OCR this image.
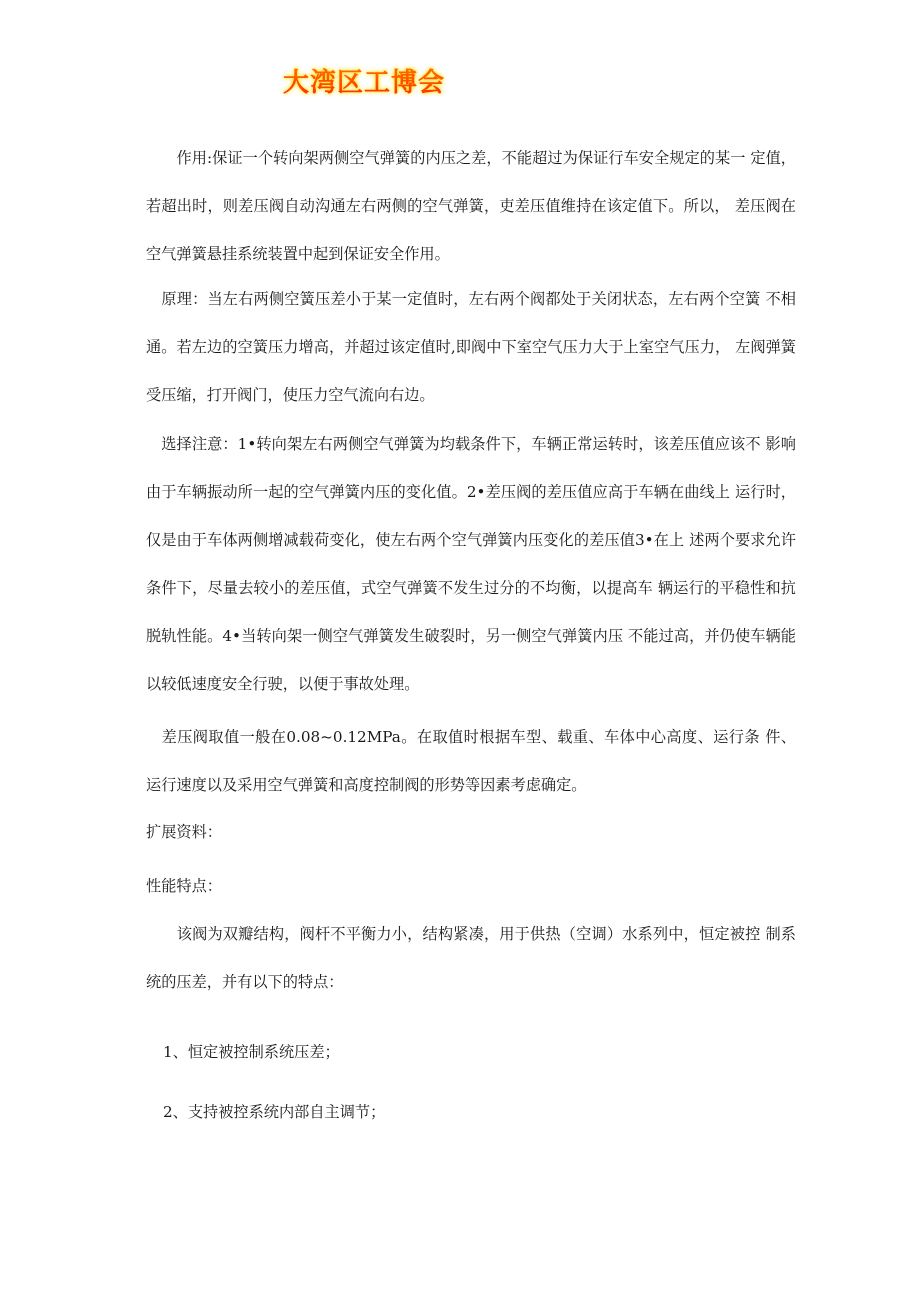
大湾区工博会

　　作用:保证一个转向架两侧空气弹簧的内压之差，不能超过为保证行车安全规定的某一 定值，若超出时，则差压阀自动沟通左右两侧的空气弹簧，吏差压值维持在该定值下。所以， 差压阀在空气弹簧悬挂系统装置中起到保证安全作用。

　原理：当左右两侧空簧压差小于某一定值时，左右两个阀都处于关闭状态，左右两个空簧 不相通。若左边的空簧压力增高，并超过该定值时,即阀中下室空气压力大于上室空气压力， 左阀弹簧受压缩，打开阀门，使压力空气流向右边。

　选择注意：1•转向架左右两侧空气弹簧为均载条件下，车辆正常运转时，该差压值应该不 影响由于车辆振动所一起的空气弹簧内压的变化值。2•差压阀的差压值应高于车辆在曲线上 运行时，仅是由于车体两侧增减载荷变化，使左右两个空气弹簧内压变化的差压值3•在上 述两个要求允许条件下，尽量去较小的差压值，式空气弹簧不发生过分的不均衡，以提高车 辆运行的平稳性和抗脱轨性能。4•当转向架一侧空气弹簧发生破裂时，另一侧空气弹簧内压 不能过高，并仍使车辆能以较低速度安全行驶，以便于事故处理。

　差压阀取值一般在0.08~0.12MPa。在取值时根据车型、载重、车体中心高度、运行条 件、运行速度以及采用空气弹簧和高度控制阀的形势等因素考虑确定。

扩展资料：

性能特点：

　　该阀为双瓣结构，阀杆不平衡力小，结构紧凑，用于供热（空调）水系列中，恒定被控 制系统的压差，并有以下的特点：

1、恒定被控制系统压差；

2、支持被控系统内部自主调节；
